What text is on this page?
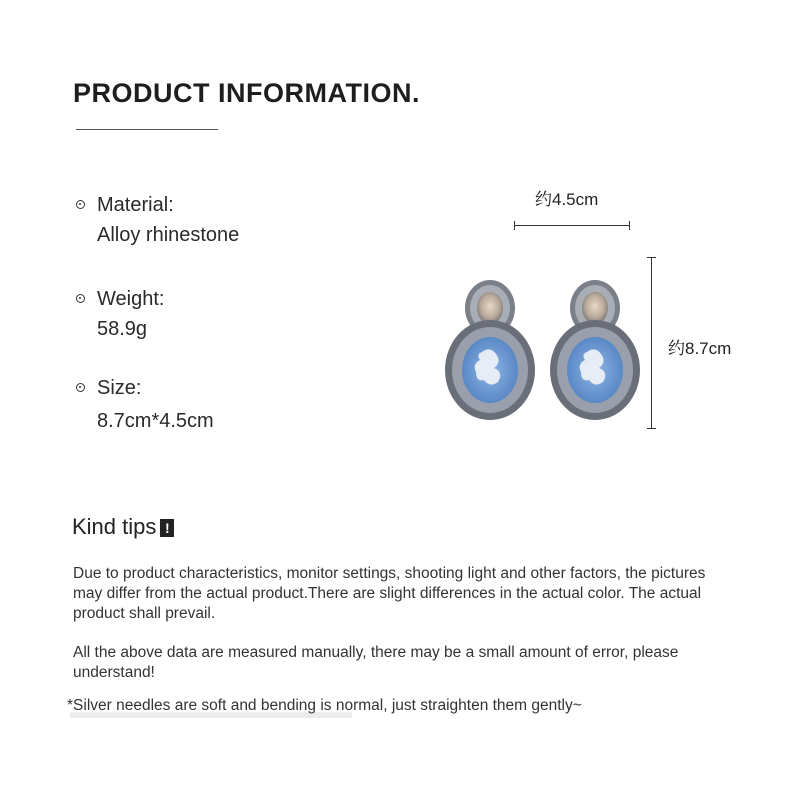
PRODUCT INFORMATION.
Material:
Alloy rhinestone
Weight:
58.9g
Size:
8.7cm*4.5cm
约4.5cm
约8.7cm
Kind tips !
Due to product characteristics, monitor settings, shooting light and other factors, the pictures may differ from the actual product.There are slight differences in the actual color. The actual product shall prevail.
All the above data are measured manually, there may be a small amount of error, please understand!
*Silver needles are soft and bending is normal, just straighten them gently~
